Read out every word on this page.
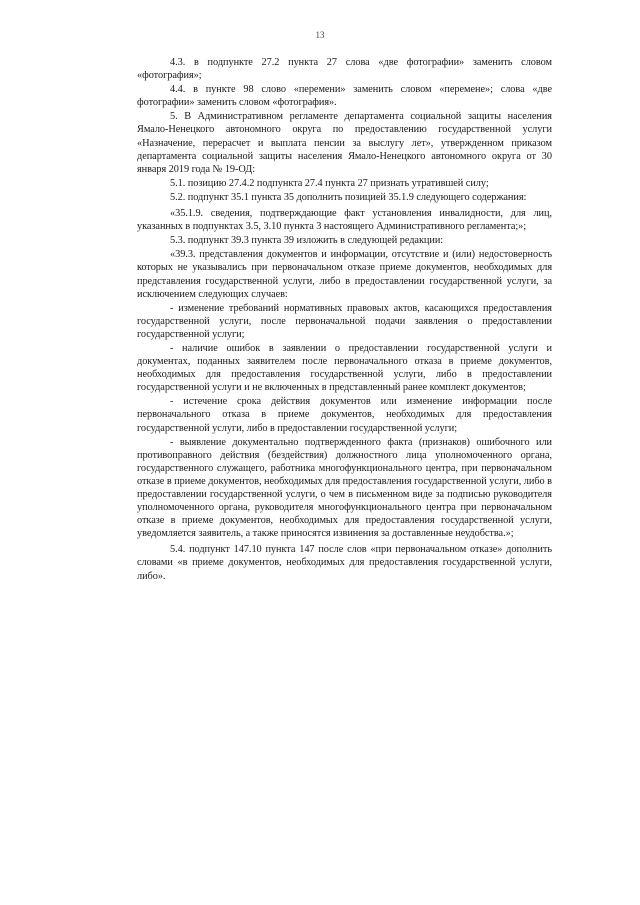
13

4.3. в подпункте 27.2 пункта 27 слова «две фотографии» заменить словом «фотография»;

4.4. в пункте 98 слово «перемени» заменить словом «перемене»; слова «две фотографии» заменить словом «фотография».

5. В Административном регламенте департамента социальной защиты населения Ямало-Ненецкого автономного округа по предоставлению государственной услуги «Назначение, перерасчет и выплата пенсии за выслугу лет», утвержденном приказом департамента социальной защиты населения Ямало-Ненецкого автономного округа от 30 января 2019 года № 19-ОД:

5.1. позицию 27.4.2 подпункта 27.4 пункта 27 признать утратившей силу;

5.2. подпункт 35.1 пункта 35 дополнить позицией 35.1.9 следующего содержания:

«35.1.9. сведения, подтверждающие факт установления инвалидности, для лиц, указанных в подпунктах 3.5, 3.10 пункта 3 настоящего Административного регламента;»;

5.3. подпункт 39.3 пункта 39 изложить в следующей редакции:

«39.3. представления документов и информации, отсутствие и (или) недостоверность которых не указывались при первоначальном отказе приеме документов, необходимых для представления государственной услуги, либо в предоставлении государственной услуги, за исключением следующих случаев:

- изменение требований нормативных правовых актов, касающихся предоставления государственной услуги, после первоначальной подачи заявления о предоставлении государственной услуги;

- наличие ошибок в заявлении о предоставлении государственной услуги и документах, поданных заявителем после первоначального отказа в приеме документов, необходимых для предоставления государственной услуги, либо в предоставлении государственной услуги и не включенных в представленный ранее комплект документов;

- истечение срока действия документов или изменение информации после первоначального отказа в приеме документов, необходимых для предоставления государственной услуги, либо в предоставлении государственной услуги;

- выявление документально подтвержденного факта (признаков) ошибочного или противоправного действия (бездействия) должностного лица уполномоченного органа, государственного служащего, работника многофункционального центра, при первоначальном отказе в приеме документов, необходимых для предоставления государственной услуги, либо в предоставлении государственной услуги, о чем в письменном виде за подписью руководителя уполномоченного органа, руководителя многофункционального центра при первоначальном отказе в приеме документов, необходимых для предоставления государственной услуги, уведомляется заявитель, а также приносятся извинения за доставленные неудобства.»;

5.4. подпункт 147.10 пункта 147 после слов «при первоначальном отказе» дополнить словами «в приеме документов, необходимых для предоставления государственной услуги, либо».
